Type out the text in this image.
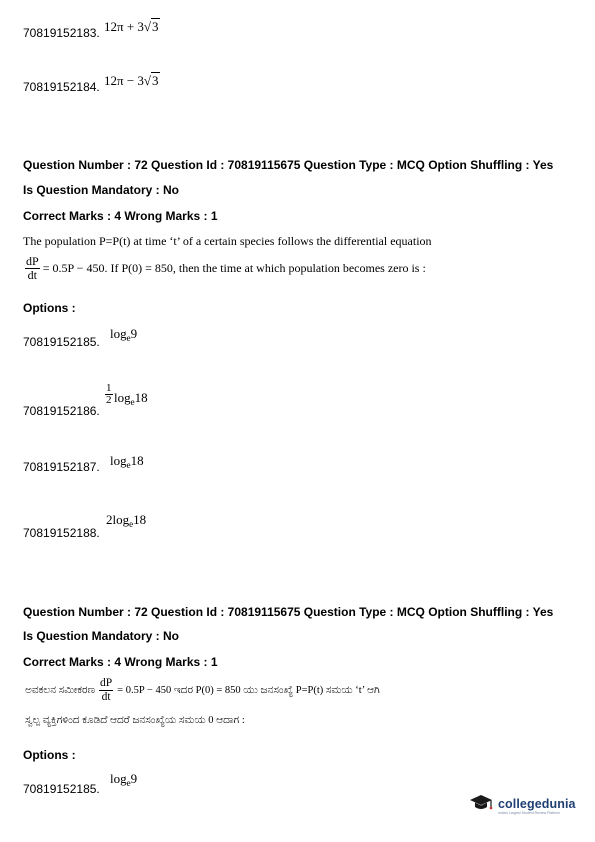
70819152183. 12π + 3√3
70819152184. 12π − 3√3
Question Number : 72 Question Id : 70819115675 Question Type : MCQ Option Shuffling : Yes
Is Question Mandatory : No
Correct Marks : 4 Wrong Marks : 1
The population P=P(t) at time ‘t’ of a certain species follows the differential equation
$\frac{dP}{dt} = 0.5P - 450$. If P(0) = 850, then the time at which population becomes zero is :
Options :
70819152185.
$\log_e9$
$\frac{1}{2} \log_e18$
70819152186.
$\log_e18$
70819152187.
$2\log_e18$
70819152188.
Question Number : 72 Question Id : 70819115675 Question Type : MCQ Option Shuffling : Yes
Is Question Mandatory : No
Correct Marks : 4 Wrong Marks : 1
ಅವಕಲನ ಸಮೀಕರಣ $\frac{dP}{dt} = 0.5P - 450$ ಇದರ P(0) = 850 ಯು ಜನಸಂಖ್ಯೆ P=P(t) ಸಮಯ ‘t’ ಆಗಿ
ಸ್ವಲ್ಪ ವ್ಯಕ್ತಿಗಳಿಂದ ಕೂಡಿದೆ ಆದರೆ ಜನಸಂಖ್ಯೆಯ ಸಮಯ 0 ಆದಾಗ :
Options :
$\log_e9$
70819152185.
collegedunia
India's Largest Student Review Platform
